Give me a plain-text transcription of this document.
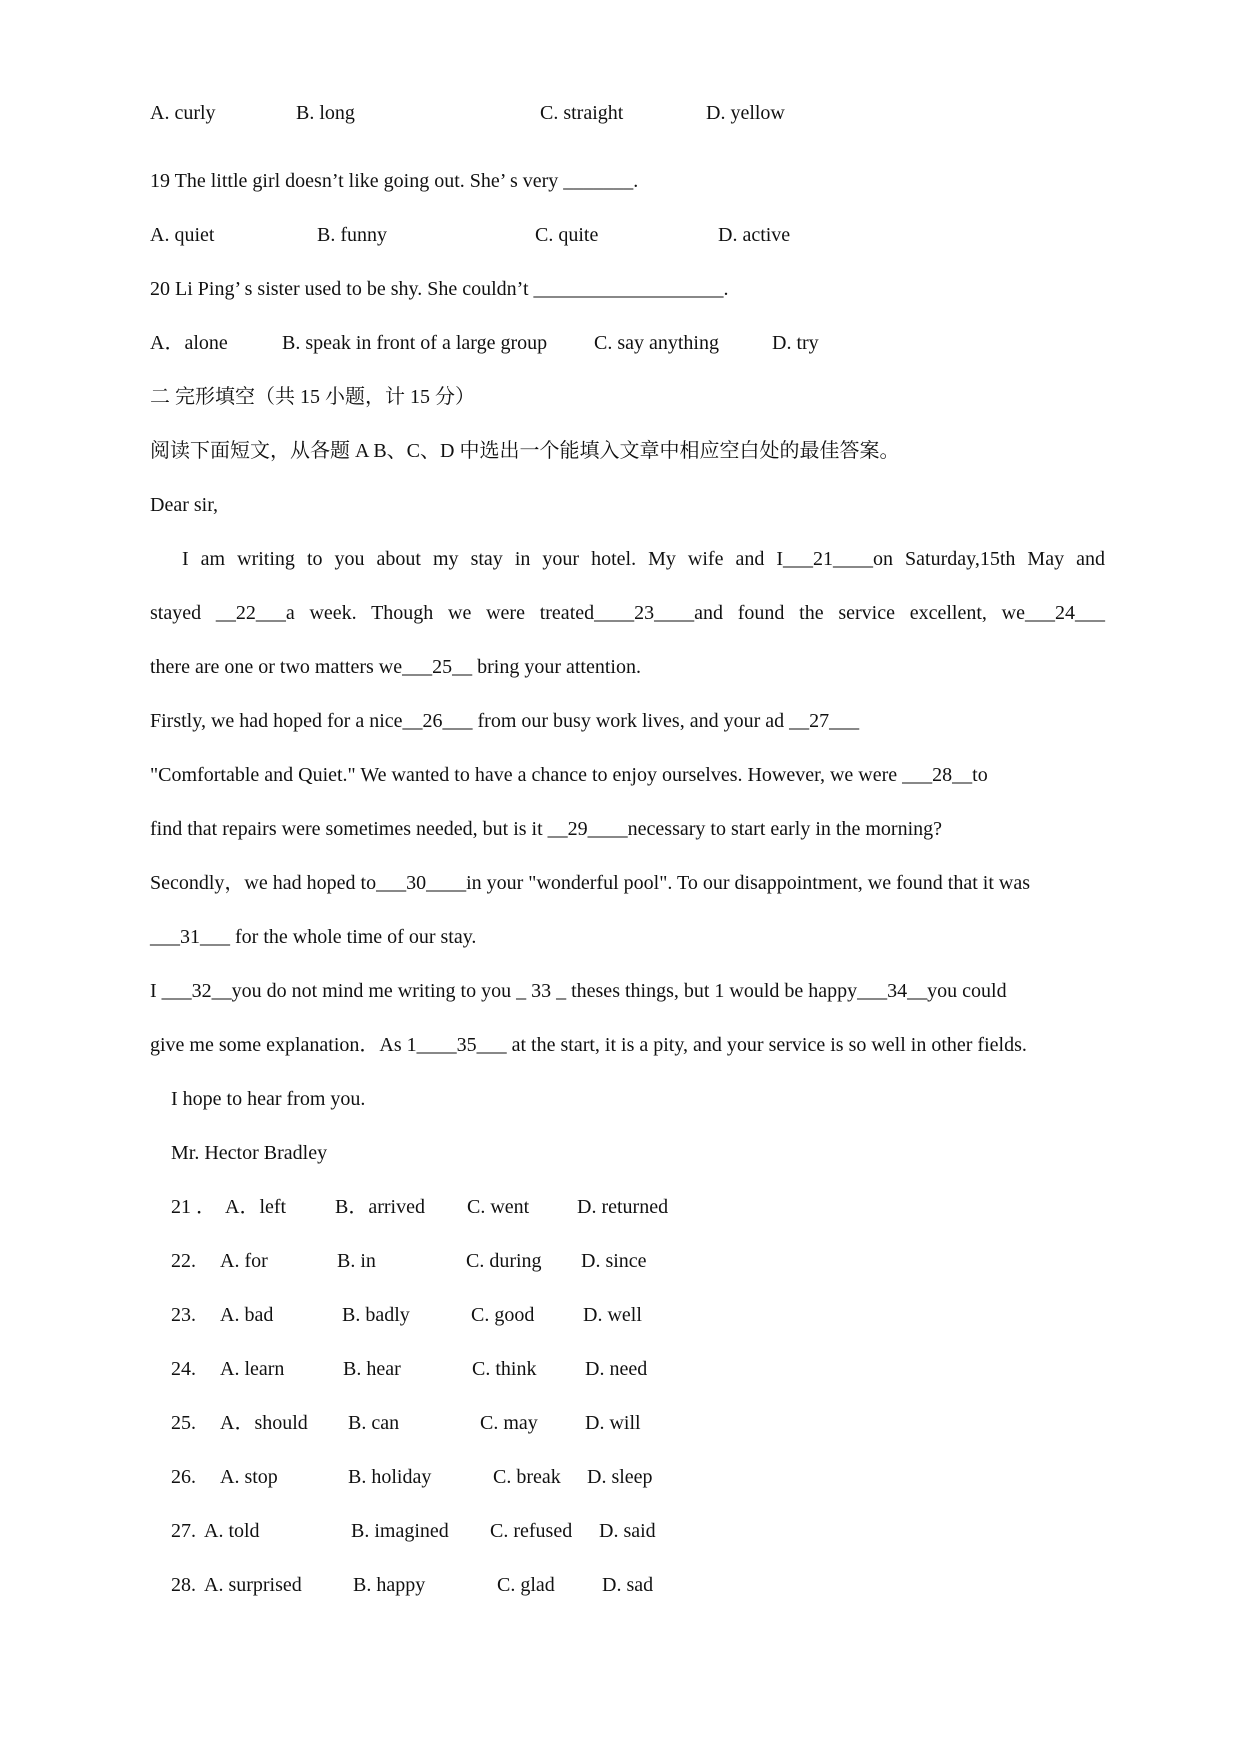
A. curly	B. long	C. straight	D. yellow
19 The little girl doesn’t like going out. She’ s very _______.
A. quiet	B. funny	C. quite	D. active
20 Li Ping’ s sister used to be shy. She couldn’t ___________________.
A．alone	B. speak in front of a large group C. say anything	D. try
二 完形填空（共 15 小题，计 15 分）
阅读下面短文，从各题 A B、C、D 中选出一个能填入文章中相应空白处的最佳答案。
Dear sir,
I am writing to you about my stay in your hotel. My wife and I___21____on Saturday,15th May and
stayed __22___a week. Though we were treated____23____and found the service excellent, we___24___
there are one or two matters we___25__ bring your attention.
Firstly, we had hoped for a nice__26___ from our busy work lives, and your ad __27___
"Comfortable and Quiet." We wanted to have a chance to enjoy ourselves. However, we were ___28__to
find that repairs were sometimes needed, but is it __29____necessary to start early in the morning?
Secondly，we had hoped to___30____in your "wonderful pool". To our disappointment, we found that it was
___31___ for the whole time of our stay.
I ___32__you do not mind me writing to you _ 33 _ theses things, but 1 would be happy___34__you could
give me some explanation．As 1____35___ at the start, it is a pity, and your service is so well in other fields.
I hope to hear from you.
Mr. Hector Bradley
21 ． A．left B．arrived C. went D. returned
22. A. for	B. in	C. during D. since
23. A. bad	B. badly	C. good D. well
24. A. learn	B. hear	C. think D. need
25. A．should B. can	C. may D. will
26. A. stop	B. holiday	C. break D. sleep
27. A. told	B. imagined C. refused D. said
28. A. surprised	B. happy	C. glad D. sad
